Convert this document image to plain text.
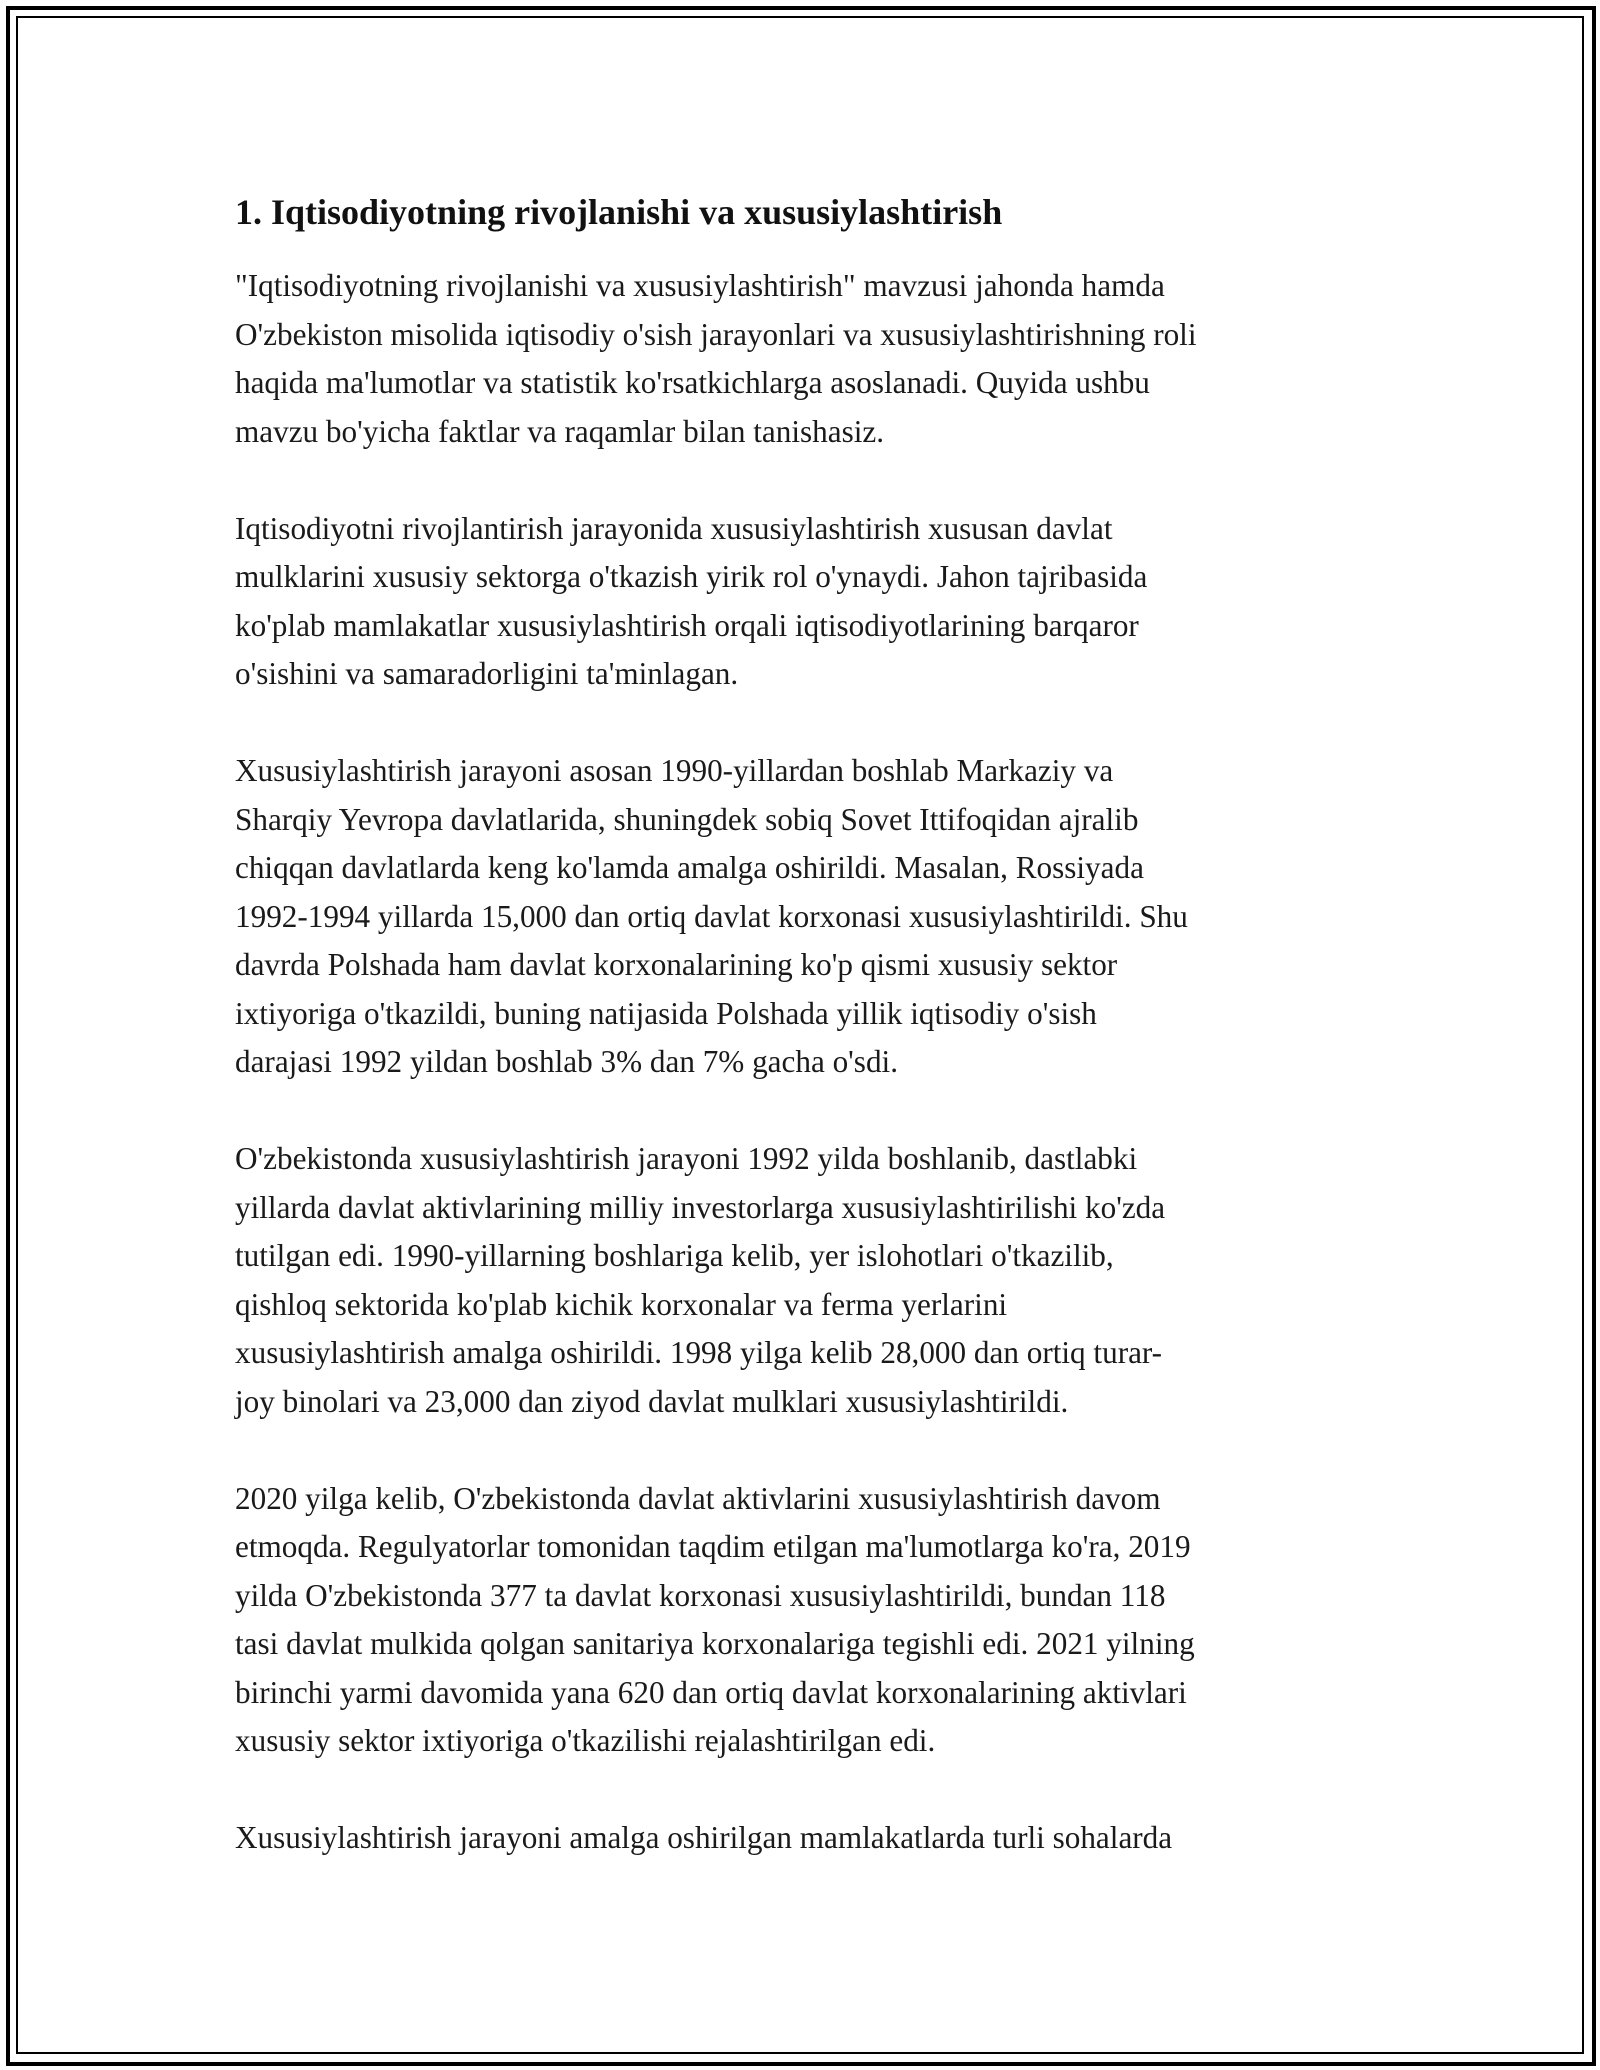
1. Iqtisodiyotning rivojlanishi va xususiylashtirish

"Iqtisodiyotning rivojlanishi va xususiylashtirish" mavzusi jahonda hamda
O'zbekiston misolida iqtisodiy o'sish jarayonlari va xususiylashtirishning roli
haqida ma'lumotlar va statistik ko'rsatkichlarga asoslanadi. Quyida ushbu
mavzu bo'yicha faktlar va raqamlar bilan tanishasiz.

Iqtisodiyotni rivojlantirish jarayonida xususiylashtirish xususan davlat
mulklarini xususiy sektorga o'tkazish yirik rol o'ynaydi. Jahon tajribasida
ko'plab mamlakatlar xususiylashtirish orqali iqtisodiyotlarining barqaror
o'sishini va samaradorligini ta'minlagan.

Xususiylashtirish jarayoni asosan 1990-yillardan boshlab Markaziy va
Sharqiy Yevropa davlatlarida, shuningdek sobiq Sovet Ittifoqidan ajralib
chiqqan davlatlarda keng ko'lamda amalga oshirildi. Masalan, Rossiyada
1992-1994 yillarda 15,000 dan ortiq davlat korxonasi xususiylashtirildi. Shu
davrda Polshada ham davlat korxonalarining ko'p qismi xususiy sektor
ixtiyoriga o'tkazildi, buning natijasida Polshada yillik iqtisodiy o'sish
darajasi 1992 yildan boshlab 3% dan 7% gacha o'sdi.

O'zbekistonda xususiylashtirish jarayoni 1992 yilda boshlanib, dastlabki
yillarda davlat aktivlarining milliy investorlarga xususiylashtirilishi ko'zda
tutilgan edi. 1990-yillarning boshlariga kelib, yer islohotlari o'tkazilib,
qishloq sektorida ko'plab kichik korxonalar va ferma yerlarini
xususiylashtirish amalga oshirildi. 1998 yilga kelib 28,000 dan ortiq turar-
joy binolari va 23,000 dan ziyod davlat mulklari xususiylashtirildi.

2020 yilga kelib, O'zbekistonda davlat aktivlarini xususiylashtirish davom
etmoqda. Regulyatorlar tomonidan taqdim etilgan ma'lumotlarga ko'ra, 2019
yilda O'zbekistonda 377 ta davlat korxonasi xususiylashtirildi, bundan 118
tasi davlat mulkida qolgan sanitariya korxonalariga tegishli edi. 2021 yilning
birinchi yarmi davomida yana 620 dan ortiq davlat korxonalarining aktivlari
xususiy sektor ixtiyoriga o'tkazilishi rejalashtirilgan edi.

Xususiylashtirish jarayoni amalga oshirilgan mamlakatlarda turli sohalarda
